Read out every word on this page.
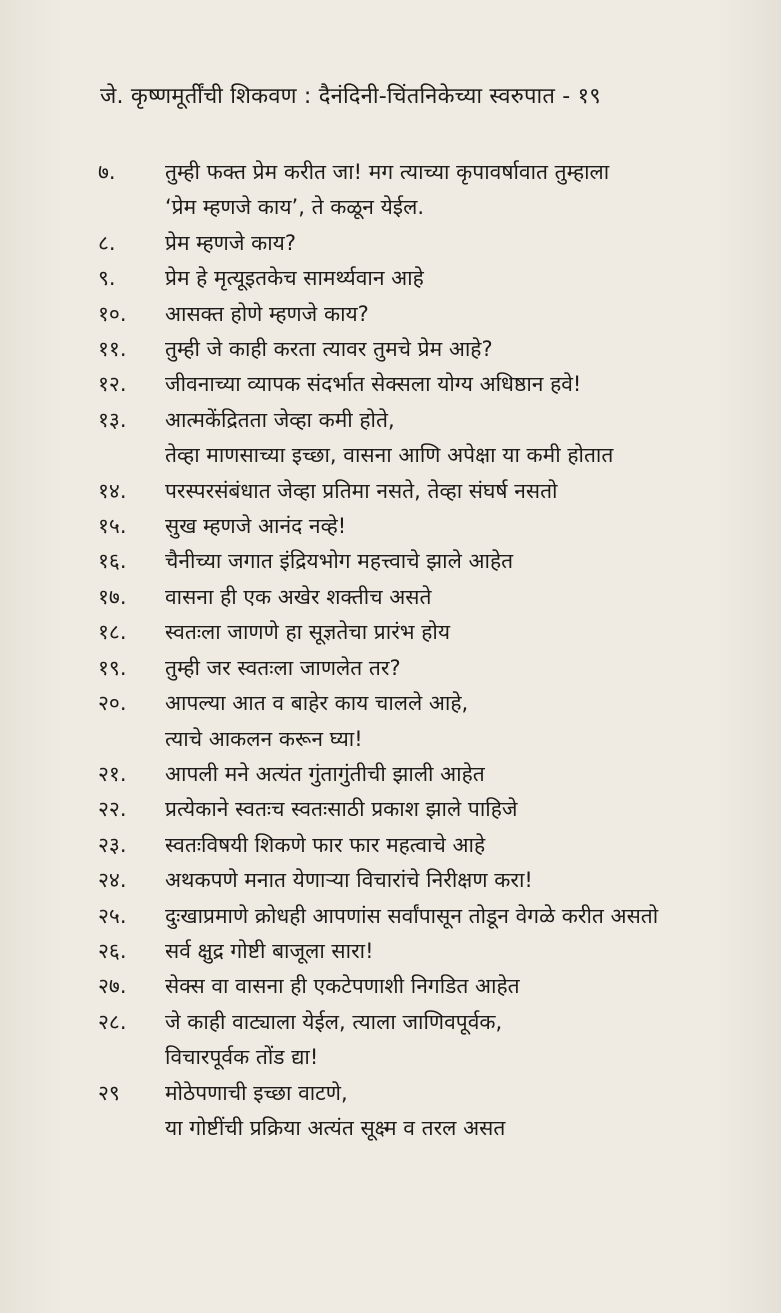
जे. कृष्णमूर्तींची शिकवण : दैनंदिनी-चिंतनिकेच्या स्वरुपात - १९
७.	तुम्ही फक्त प्रेम करीत जा! मग त्याच्या कृपावर्षावात तुम्हाला
‘प्रेम म्हणजे काय’, ते कळून येईल.
८.	प्रेम म्हणजे काय?
९.	प्रेम हे मृत्यूइतकेच सामर्थ्यवान आहे
१०.	आसक्त होणे म्हणजे काय?
११.	तुम्ही जे काही करता त्यावर तुमचे प्रेम आहे?
१२.	जीवनाच्या व्यापक संदर्भात सेक्सला योग्य अधिष्ठान हवे!
१३.	आत्मकेंद्रितता जेव्हा कमी होते,
तेव्हा माणसाच्या इच्छा, वासना आणि अपेक्षा या कमी होतात
१४.	परस्परसंबंधात जेव्हा प्रतिमा नसते, तेव्हा संघर्ष नसतो
१५.	सुख म्हणजे आनंद नव्हे!
१६.	चैनीच्या जगात इंद्रियभोग महत्त्वाचे झाले आहेत
१७.	वासना ही एक अखेर शक्तीच असते
१८.	स्वतःला जाणणे हा सूज्ञतेचा प्रारंभ होय
१९.	तुम्ही जर स्वतःला जाणलेत तर?
२०.	आपल्या आत व बाहेर काय चालले आहे,
त्याचे आकलन करून घ्या!
२१.	आपली मने अत्यंत गुंतागुंतीची झाली आहेत
२२.	प्रत्येकाने स्वतःच स्वतःसाठी प्रकाश झाले पाहिजे
२३.	स्वतःविषयी शिकणे फार फार महत्वाचे आहे
२४.	अथकपणे मनात येणाऱ्या विचारांचे निरीक्षण करा!
२५.	दुःखाप्रमाणे क्रोधही आपणांस सर्वांपासून तोडून वेगळे करीत असतो
२६.	सर्व क्षुद्र गोष्टी बाजूला सारा!
२७.	सेक्स वा वासना ही एकटेपणाशी निगडित आहेत
२८.	जे काही वाट्याला येईल, त्याला जाणिवपूर्वक,
विचारपूर्वक तोंड द्या!
२९	मोठेपणाची इच्छा वाटणे,
या गोष्टींची प्रक्रिया अत्यंत सूक्ष्म व तरल असत
